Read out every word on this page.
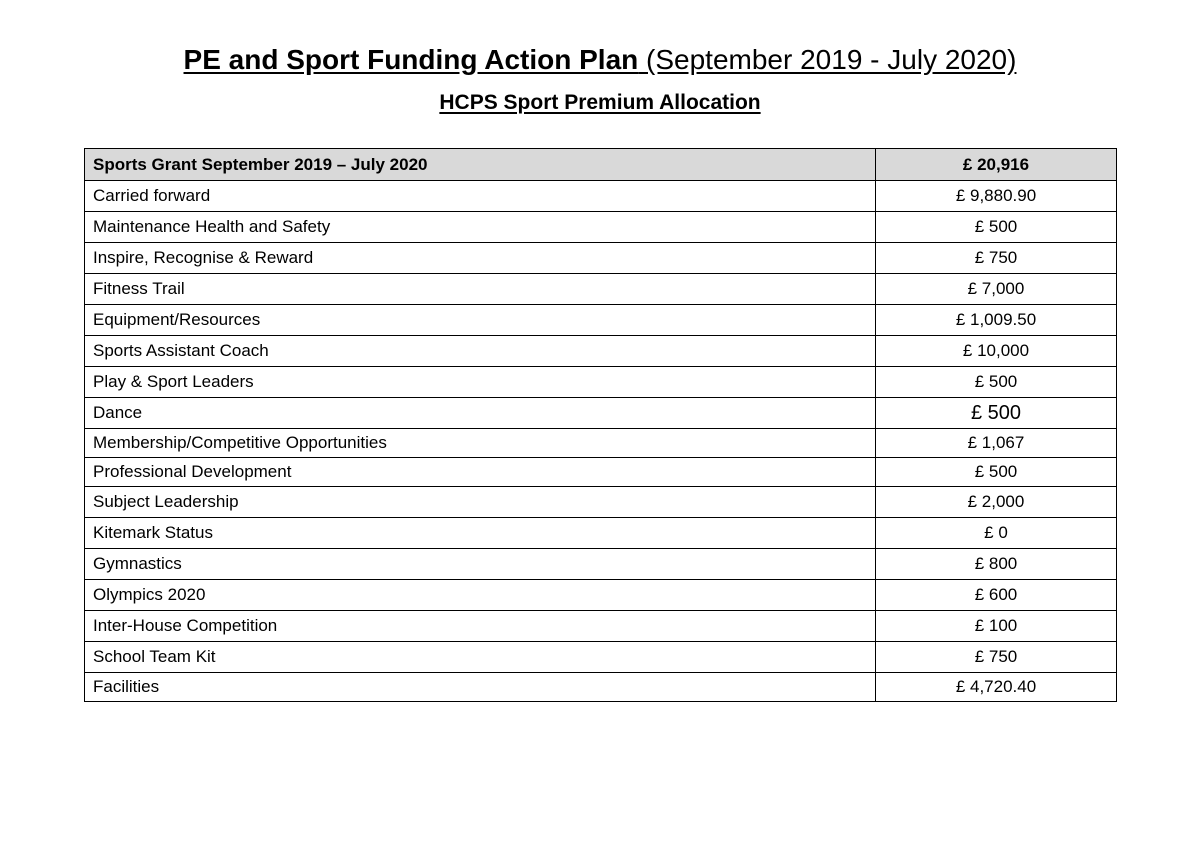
PE and Sport Funding Action Plan (September 2019 - July 2020)
HCPS Sport Premium Allocation
Sports Grant September 2019 – July 2020	£ 20,916
Carried forward	£ 9,880.90
Maintenance Health and Safety	£ 500
Inspire, Recognise & Reward	£ 750
Fitness Trail	£ 7,000
Equipment/Resources	£ 1,009.50
Sports Assistant Coach	£ 10,000
Play & Sport Leaders	£ 500
Dance	£ 500
Membership/Competitive Opportunities	£ 1,067
Professional Development	£ 500
Subject Leadership	£ 2,000
Kitemark Status	£ 0
Gymnastics	£ 800
Olympics 2020	£ 600
Inter-House Competition	£ 100
School Team Kit	£ 750
Facilities	£ 4,720.40
